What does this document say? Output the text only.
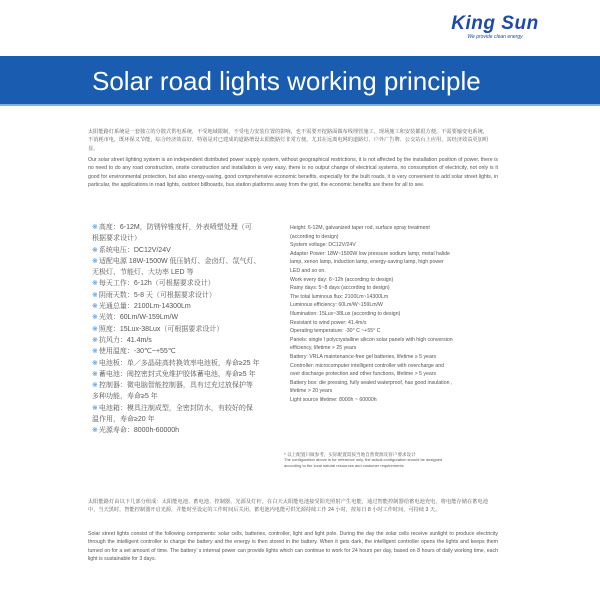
King Sun
We provide clean energy
Solar road lights working principle
太阳能路灯系统是一套独立的分散式供电系统，不受地域限制，不受电力安装位置的影响，也不需要开挖路面做布线埋管施工，现场施工和安装都很方便，不需要输变电系统，不消耗市电，既环保又节能，综合经济效益好，特别是对已建成的道路增设太阳能路灯非常方便。尤其在远离电网的道路灯、户外广告牌、公交站台上应用，其经济效益更加明显。
Our solar street lighting system is an independent distributed power supply system, without geographical restrictions, it is not affected by the installation position of power, there is no need to do any road construction, onsite construction and installation is very easy, there is no output change of electrical systems, no consumption of electricity, not only is it good for environmental protection, but also energy-saving, good comprehensive economic benefits, especially for the built roads, it is very convenient to add solar street lights, in particular, the applications in road lights, outdoor billboards, bus station platforms away from the grid, the economic benefits are there for all to see.
※高度：6-12M，防锈锌锥度杆，外表喷塑处理（可
根据要求设计）
※系统电压：DC12V/24V
※适配电源 18W-1500W 低压钠灯、金卤灯、氙气灯、
无极灯、节能灯、大功率 LED 等
※每天工作：6-12h（可根据要求设计）
※阴雨天数：5-8 天（可根据要求设计）
※光通总量：2100Lm-14300Lm
※光效：60Lm/W-159Lm/W
※照度：15Lux-38Lux（可根据要求设计）
※抗风力：41.4m/s
※使用温度：-30℃~+55℃
※电池板：单／多晶硅高转换效率电池板，寿命≥25 年
※蓄电池：阀控密封式免维护胶体蓄电池，寿命≥5 年
※控制器：微电脑智能控制器，具有过充过放保护等
多种功能，寿命≥5 年
※电池箱：模具注制成型，全密封防水，有较好的保
温作用，寿命≥20 年
※光源寿命：8000h-60000h
Height: 6-12M, galvanized taper rod, surface spray treatment
(according to design)
System voltage: DC12V/24V
Adapter Power: 18W~1500W low pressure sodium lamp, metal halide
lamp, xenon lamp, induction lamp, energy-saving lamp, high power
LED and so on.
Work every day: 6~12h (according to design)
Rainy days: 5~8 days (according to design)
The total luminous flux: 2100Lm~14300Lm
Luminous efficiency: 60Lm/W~159Lm/W
Illumination: 15Lux~38Lux (according to design)
Resistant to wind power: 41.4m/s
Operating temperature: -30° C ~+55° C
Panels: single l polycrystalline silicon solar panels with high conversion
efficiency, lifetime > 25 years
Battery: VRLA maintenance-free gel batteries, lifetime ≥ 5 years
Controller: microcomputer intelligent controller with overcharge and
over discharge protection and other functions, lifetime > 5 years
Battery box: die pressing, fully sealed waterproof, has good insulation ,
lifetime > 20 years
Light source lifetime: 8000h ~ 60000h
* 以上配置只做参考，实际配置需按当地自然资源及客户要求设计
The configuration above is for reference only, the actual configuration should be designed
according to the local natural resources and customer requirements
太阳能路灯由以下几部分组成：太阳能电池、蓄电池、控制器、光源及灯杆。在白天太阳能电池接受阳光照射产生电能，通过智能控制器给蓄电池充电，将电能存储在蓄电池中，当天黑时，智能控制器开启光源，并能时至设定的工作时间后关闭。蓄电池内电能可供光源持续工作 24 小时，按每日 8 小时工作时间，可持续 3 天。
Solar street lights consist of the following components: solar cells, batteries, controller, light and light pole. During the day the solar cells receive sunlight to produce electricity through the intelligent controller to charge the battery and the energy is then stored in the battery. When it gets dark, the intelligent controller opens the lights and keeps them turned on for a set amount of time. The battery’ s internal power can provide lights which can continue to work for 24 hours per day, based on 8 hours of daily working time, each light is sustainable for 3 days.
